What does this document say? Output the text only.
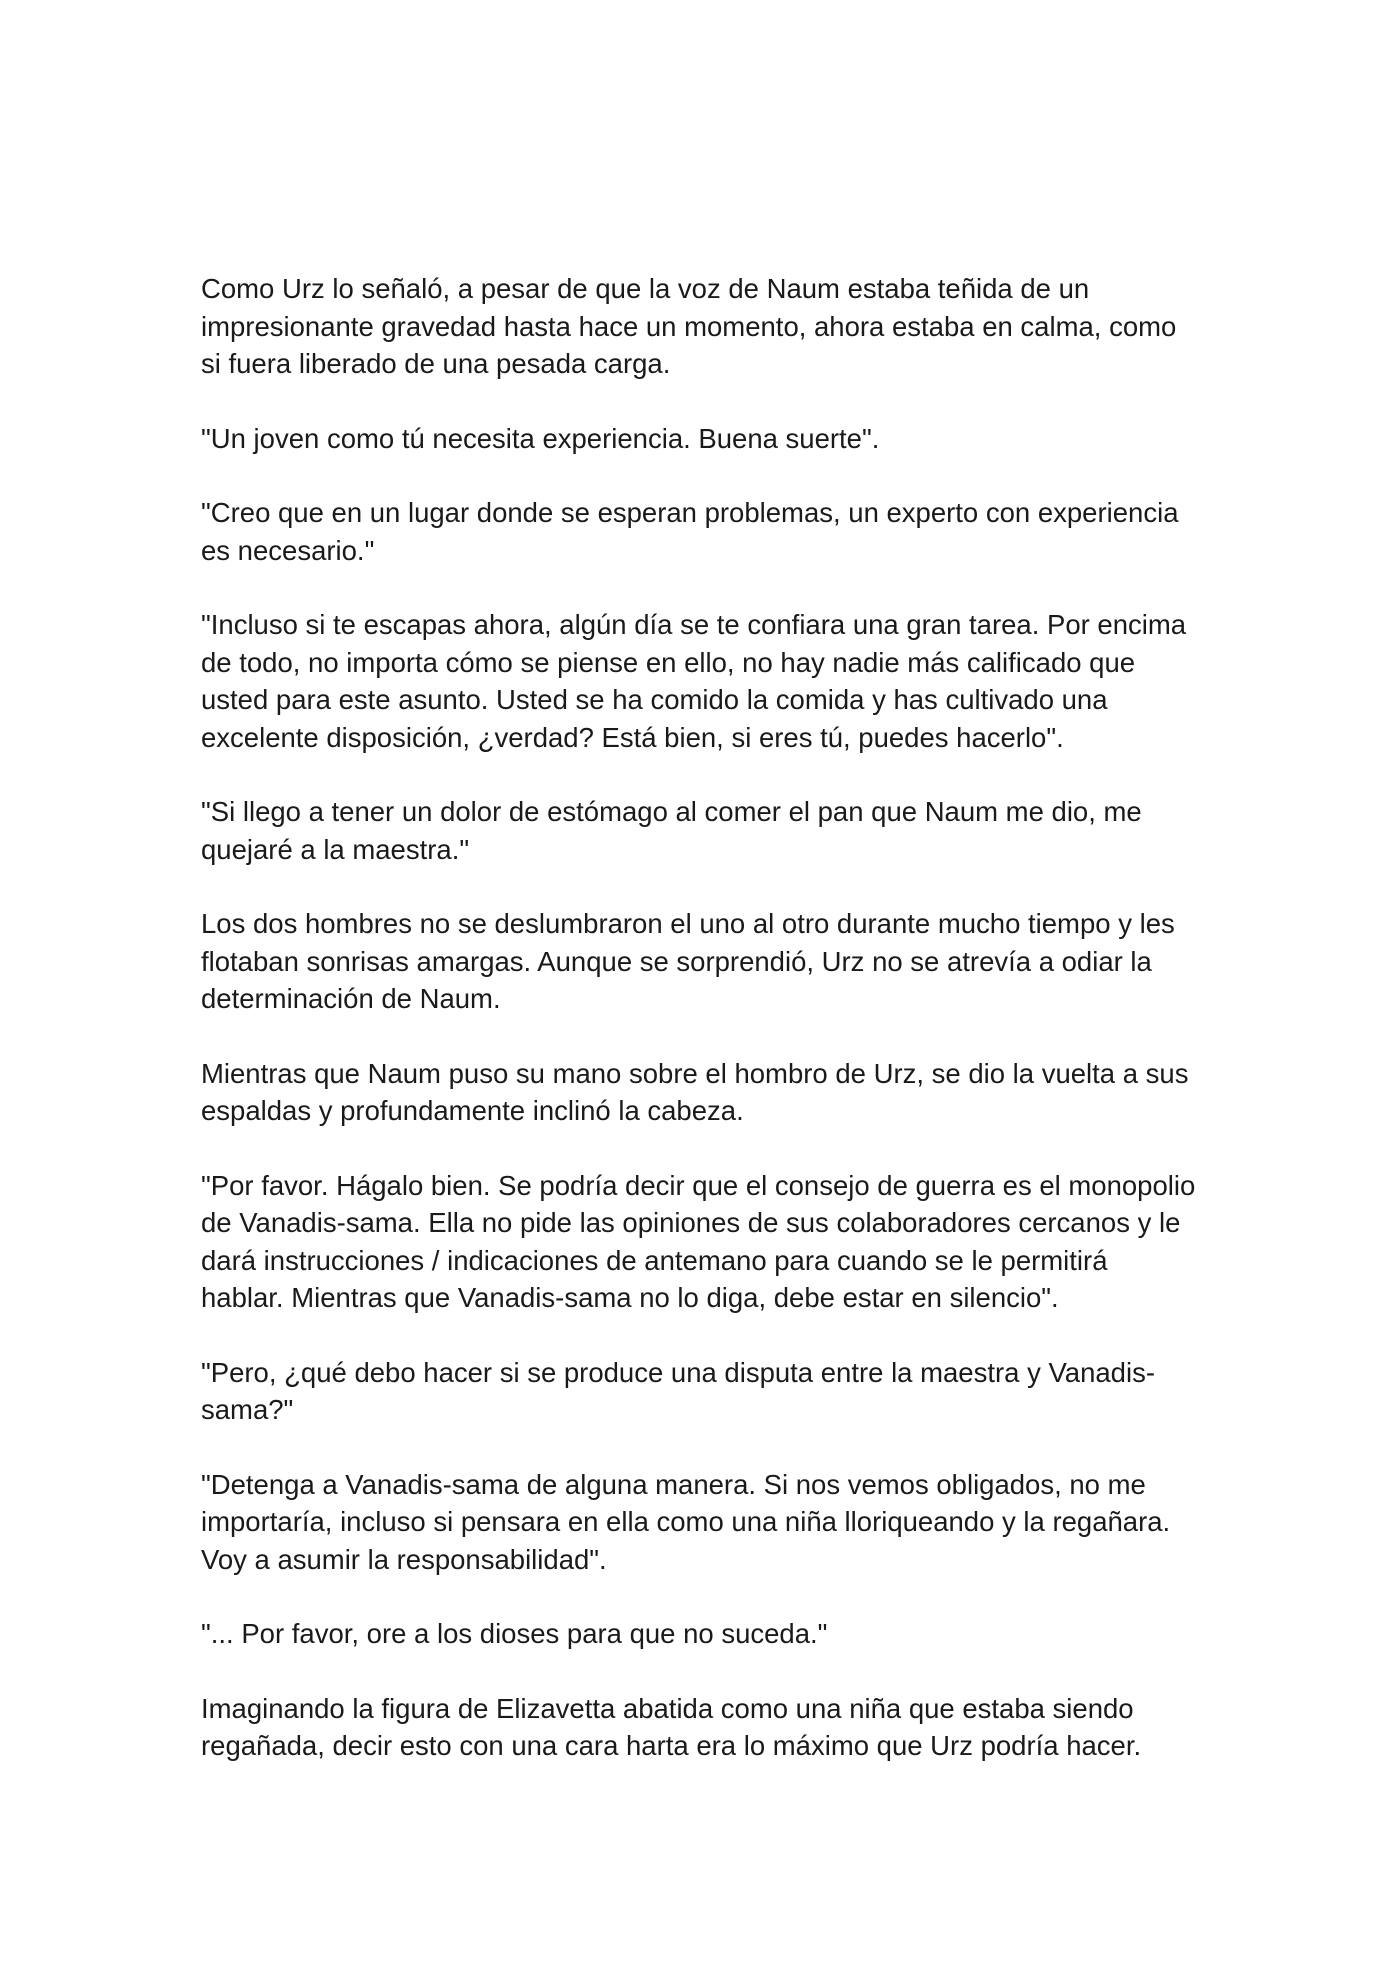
Como Urz lo señaló, a pesar de que la voz de Naum estaba teñida de un
impresionante gravedad hasta hace un momento, ahora estaba en calma, como
si fuera liberado de una pesada carga.

"Un joven como tú necesita experiencia. Buena suerte".

"Creo que en un lugar donde se esperan problemas, un experto con experiencia
es necesario."

"Incluso si te escapas ahora, algún día se te confiara una gran tarea. Por encima
de todo, no importa cómo se piense en ello, no hay nadie más calificado que
usted para este asunto. Usted se ha comido la comida y has cultivado una
excelente disposición, ¿verdad? Está bien, si eres tú, puedes hacerlo".

"Si llego a tener un dolor de estómago al comer el pan que Naum me dio, me
quejaré a la maestra."

Los dos hombres no se deslumbraron el uno al otro durante mucho tiempo y les
flotaban sonrisas amargas. Aunque se sorprendió, Urz no se atrevía a odiar la
determinación de Naum.

Mientras que Naum puso su mano sobre el hombro de Urz, se dio la vuelta a sus
espaldas y profundamente inclinó la cabeza.

"Por favor. Hágalo bien. Se podría decir que el consejo de guerra es el monopolio
de Vanadis-sama. Ella no pide las opiniones de sus colaboradores cercanos y le
dará instrucciones / indicaciones de antemano para cuando se le permitirá
hablar. Mientras que Vanadis-sama no lo diga, debe estar en silencio".

"Pero, ¿qué debo hacer si se produce una disputa entre la maestra y Vanadis-
sama?"

"Detenga a Vanadis-sama de alguna manera. Si nos vemos obligados, no me
importaría, incluso si pensara en ella como una niña lloriqueando y la regañara.
Voy a asumir la responsabilidad".

"... Por favor, ore a los dioses para que no suceda."

Imaginando la figura de Elizavetta abatida como una niña que estaba siendo
regañada, decir esto con una cara harta era lo máximo que Urz podría hacer.
